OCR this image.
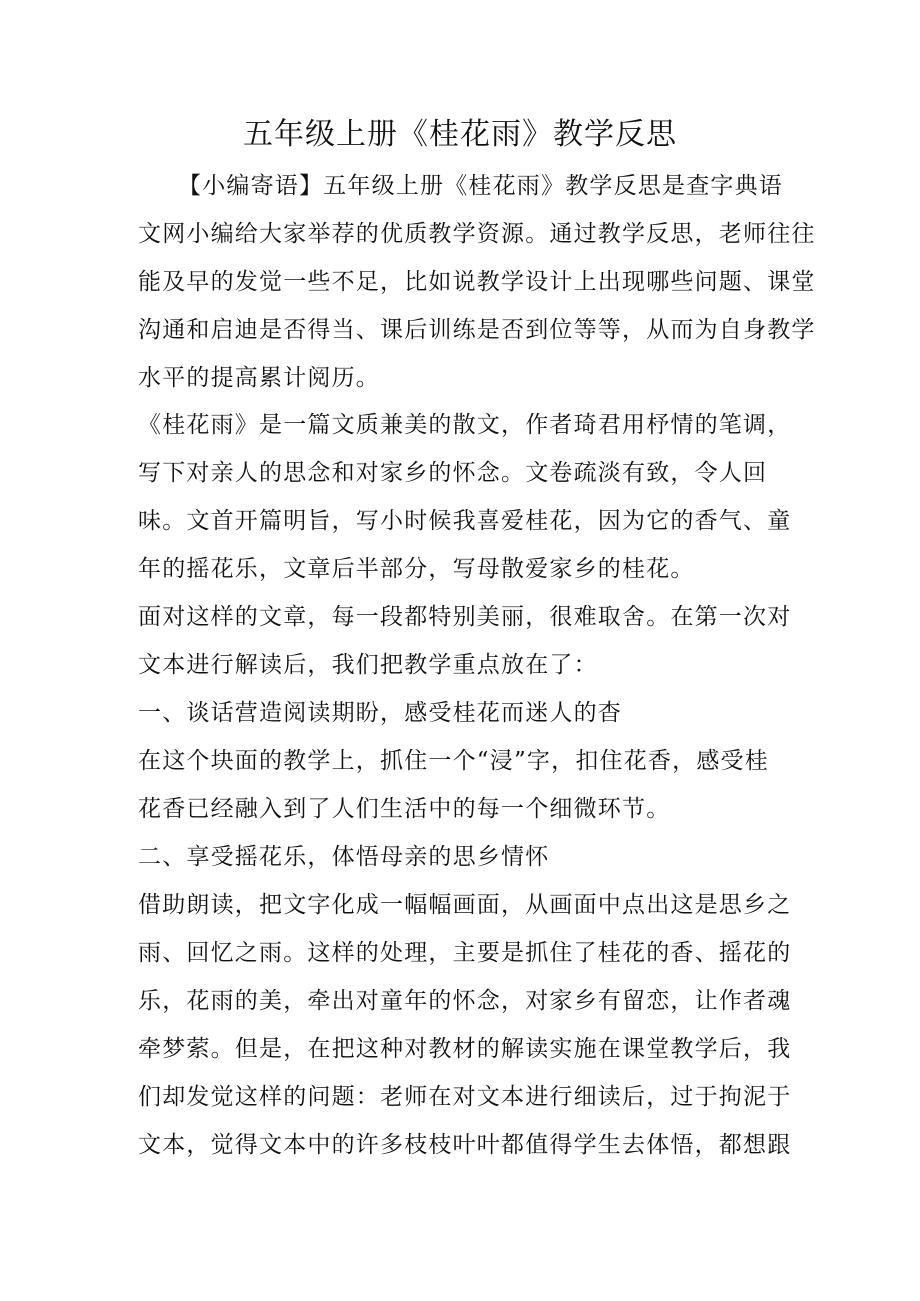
五年级上册《桂花雨》教学反思
【小编寄语】五年级上册《桂花雨》教学反思是查字典语
文网小编给大家举荐的优质教学资源。通过教学反思，老师往往
能及早的发觉一些不足，比如说教学设计上出现哪些问题、课堂
沟通和启迪是否得当、课后训练是否到位等等，从而为自身教学
水平的提高累计阅历。
《桂花雨》是一篇文质兼美的散文，作者琦君用杼情的笔调，
写下对亲人的思念和对家乡的怀念。文卷疏淡有致，令人回
味。文首开篇明旨，写小时候我喜爱桂花，因为它的香气、童
年的摇花乐，文章后半部分，写母散爱家乡的桂花。
面对这样的文章，每一段都特别美丽，很难取舍。在第一次对
文本进行解读后，我们把教学重点放在了：
一、谈话营造阅读期盼，感受桂花而迷人的杳
在这个块面的教学上，抓住一个“浸”字，扣住花香，感受桂
花香已经融入到了人们生活中的每一个细微环节。
二、享受摇花乐，体悟母亲的思乡情怀
借助朗读，把文字化成一幅幅画面，从画面中点出这是思乡之
雨、回忆之雨。这样的处理，主要是抓住了桂花的香、摇花的
乐，花雨的美，牵出对童年的怀念，对家乡有留恋，让作者魂
牵梦萦。但是，在把这种对教材的解读实施在课堂教学后，我
们却发觉这样的问题：老师在对文本进行细读后，过于拘泥于
文本，觉得文本中的许多枝枝叶叶都值得学生去体悟，都想跟
